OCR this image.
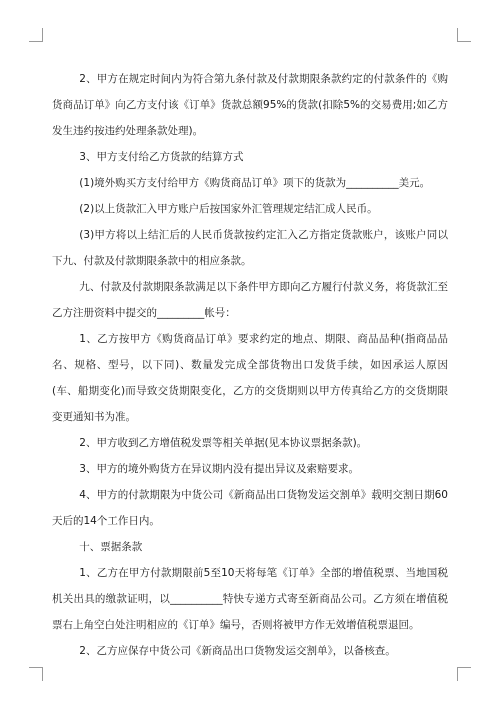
2、甲方在规定时间内为符合第九条付款及付款期限条款约定的付款条件的《购货商品订单》向乙方支付该《订单》货款总额95%的货款(扣除5%的交易费用;如乙方发生违约按违约处理条款处理)。

3、甲方支付给乙方货款的结算方式

(1)境外购买方支付给甲方《购货商品订单》项下的货款为__________美元。

(2)以上货款汇入甲方账户后按国家外汇管理规定结汇成人民币。

(3)甲方将以上结汇后的人民币货款按约定汇入乙方指定货款账户，该账户同以下九、付款及付款期限条款中的相应条款。

九、付款及付款期限条款满足以下条件甲方即向乙方履行付款义务，将货款汇至乙方注册资料中提交的_________帐号：

1、乙方按甲方《购货商品订单》要求约定的地点、期限、商品品种(指商品品名、规格、型号，以下同)、数量发完成全部货物出口发货手续，如因承运人原因(车、船期变化)而导致交货期限变化，乙方的交货期则以甲方传真给乙方的交货期限变更通知书为准。

2、甲方收到乙方增值税发票等相关单据(见本协议票据条款)。

3、甲方的境外购货方在异议期内没有提出异议及索赔要求。

4、甲方的付款期限为中货公司《新商品出口货物发运交割单》载明交割日期60天后的14个工作日内。

十、票据条款

1、乙方在甲方付款期限前5至10天将每笔《订单》全部的增值税票、当地国税机关出具的缴款证明，以__________特快专递方式寄至新商品公司。乙方须在增值税票右上角空白处注明相应的《订单》编号，否则将被甲方作无效增值税票退回。

2、乙方应保存中货公司《新商品出口货物发运交割单》，以备核查。
